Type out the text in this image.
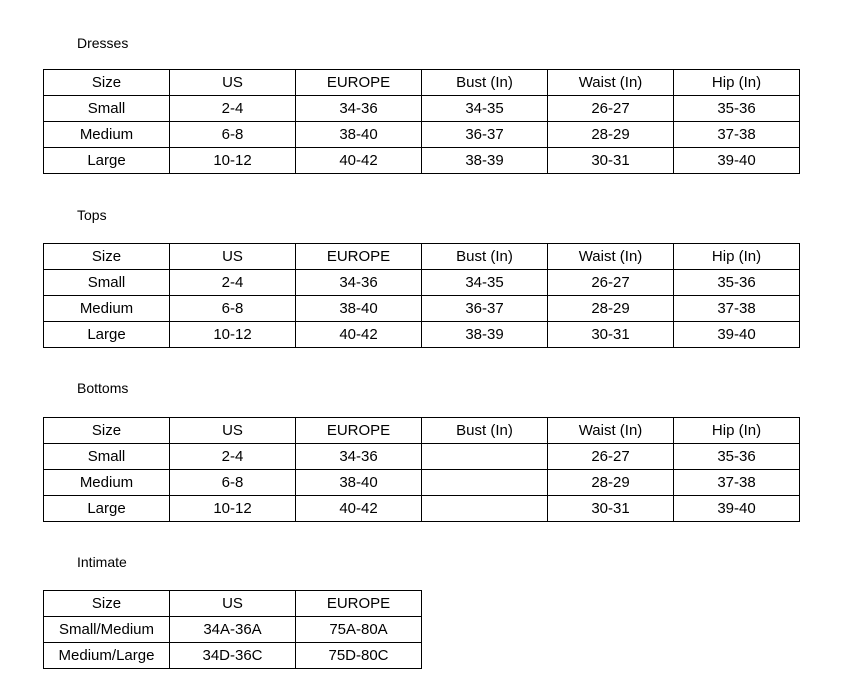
Dresses
Size	US	EUROPE	Bust (In)	Waist (In)	Hip (In)
Small	2-4	34-36	34-35	26-27	35-36
Medium	6-8	38-40	36-37	28-29	37-38
Large	10-12	40-42	38-39	30-31	39-40
Tops
Size	US	EUROPE	Bust (In)	Waist (In)	Hip (In)
Small	2-4	34-36	34-35	26-27	35-36
Medium	6-8	38-40	36-37	28-29	37-38
Large	10-12	40-42	38-39	30-31	39-40
Bottoms
Size	US	EUROPE	Bust (In)	Waist (In)	Hip (In)
Small	2-4	34-36		26-27	35-36
Medium	6-8	38-40		28-29	37-38
Large	10-12	40-42		30-31	39-40
Intimate
Size	US	EUROPE
Small/Medium	34A-36A	75A-80A
Medium/Large	34D-36C	75D-80C
